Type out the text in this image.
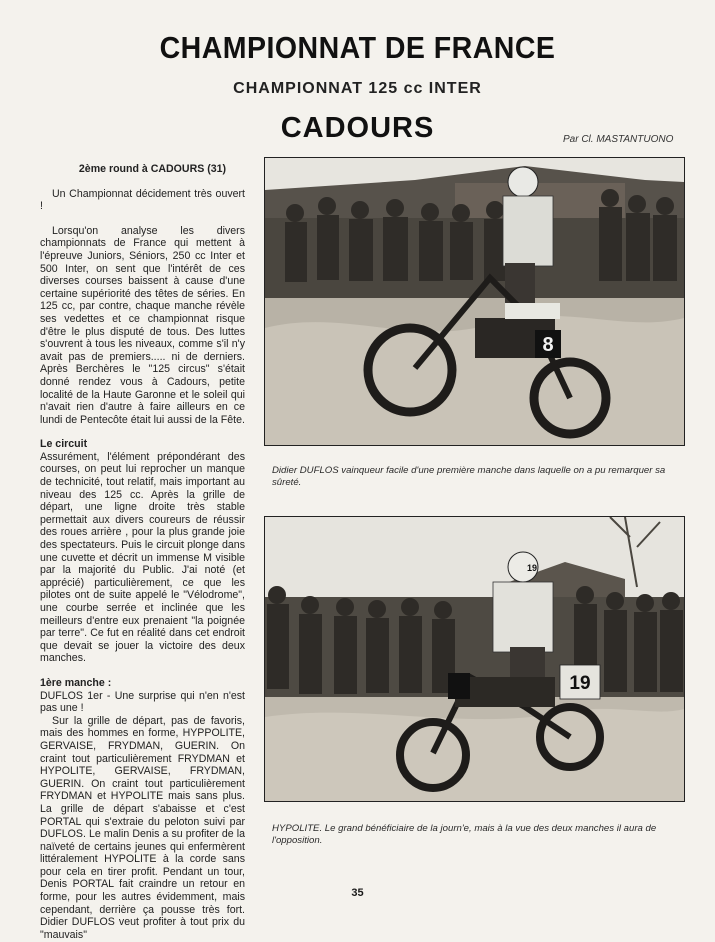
CHAMPIONNAT DE FRANCE
CHAMPIONNAT 125 cc INTER
CADOURS	Par Cl. MASTANTUONO
2ème round à CADOURS (31)

Un Championnat décidement très ouvert !

Lorsqu'on analyse les divers championnats de France qui mettent à l'épreuve Juniors, Séniors, 250 cc Inter et 500 Inter, on sent que l'intérêt de ces diverses courses baissent à cause d'une certaine supériorité des têtes de séries. En 125 cc, par contre, chaque manche révèle ses vedettes et ce championnat risque d'être le plus disputé de tous. Des luttes s'ouvrent à tous les niveaux, comme s'il n'y avait pas de premiers..... ni de derniers. Après Berchères le "125 circus" s'était donné rendez vous à Cadours, petite localité de la Haute Garonne et le soleil qui n'avait rien d'autre à faire ailleurs en ce lundi de Pentecôte était lui aussi de la Fête.

Le circuit

Assurément, l'élément prépondérant des courses, on peut lui reprocher un manque de technicité, tout relatif, mais important au niveau des 125 cc. Après la grille de départ, une ligne droite très stable permettait aux divers coureurs de réussir des roues arrière , pour la plus grande joie des spectateurs. Puis le circuit plonge dans une cuvette et décrit un immense M visible par la majorité du Public. J'ai noté (et apprécié) particulièrement, ce que les pilotes ont de suite appelé le "Vélodrome", une courbe serrée et inclinée que les meilleurs d'entre eux prenaient "la poignée par terre". Ce fut en réalité dans cet endroit que devait se jouer la victoire des deux manches.

1ère manche :

DUFLOS 1er - Une surprise qui n'en n'est pas une !

Sur la grille de départ, pas de favoris, mais des hommes en forme, HYPPOLITE, GERVAISE, FRYDMAN, GUERIN. On craint tout particulièrement FRYDMAN et HYPOLITE, GERVAISE, FRYDMAN, GUERIN. On craint tout particulièrement FRYDMAN et HYPOLITE mais sans plus. La grille de départ s'abaisse et c'est PORTAL qui s'extraie du peloton suivi par DUFLOS. Le malin Denis a su profiter de la naïveté de certains jeunes qui enfermèrent littéralement HYPOLITE à la corde sans pour cela en tirer profit. Pendant un tour, Denis PORTAL fait craindre un retour en forme, pour les autres évidemment, mais cependant, derrière ça pousse très fort. Didier DUFLOS veut profiter à tout prix du "mauvais"

8
Didier DUFLOS vainqueur facile d'une première manche dans laquelle on a pu remarquer sa sûreté.
19
19
HYPOLITE. Le grand bénéficiaire de la journ'e, mais à la vue des deux manches il aura de l'opposition.
35
